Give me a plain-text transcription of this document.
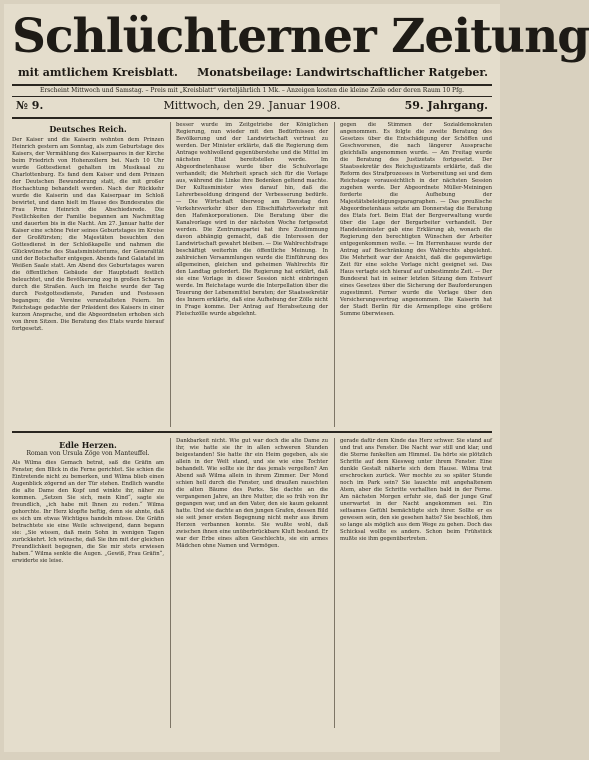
Schlüchterner Zeitung
mit amtlichem Kreisblatt. Monatsbeilage: Landwirtschaftlicher Ratgeber.
Erscheint Mittwoch und Samstag. – Preis mit „Kreisblatt“ vierteljährlich 1 Mk. – Anzeigen kosten die kleine Zeile oder deren Raum 10 Pfg.
№ 9.	Mittwoch, den 29. Januar 1908.	59. Jahrgang.
Deutsches Reich.
Der Kaiser und die Kaiserin wohnten dem Prinzen Heinrich gestern am Sonntag, als zum Geburtstage des Kaisers, der Vermählung des Kaiserpaares in der Kirche beim Friedrich von Hohenzollern bei. Nach 10 Uhr wurde Gottesdienst gehalten im Musiksaal zu Charlottenburg. Es fand dem Kaiser und dem Prinzen der Deutschen Bewunderung statt, die mit großer Hochachtung behandelt werden. Nach der Rückkehr wurde die Kaiserin und das Kaiserpaar im Schloß bewirtet, und dann hielt im Hause des Bundesrates die Frau Prinz Heinrich die Abschiedsrede. Die Festlichkeiten der Familie begannen am Nachmittag und dauerten bis in die Nacht. Am 27. Januar hatte der Kaiser eine schöne Feier seines Geburtstages im Kreise der Großfürsten; die Majestäten besuchten den Gottesdienst in der Schloßkapelle und nahmen die Glückwünsche des Staatsministeriums, der Generalität und der Botschafter entgegen. Abends fand Galatafel im Weißen Saale statt. Am Abend des Geburtstages waren die öffentlichen Gebäude der Hauptstadt festlich beleuchtet, und die Bevölkerung zog in großen Scharen durch die Straßen. Auch im Reiche wurde der Tag durch Festgottesdienste, Paraden und Festessen begangen; die Vereine veranstalteten Feiern. Im Reichstage gedachte der Präsident des Kaisers in einer kurzen Ansprache, und die Abgeordneten erhoben sich von ihren Sitzen. Die Beratung des Etats wurde hierauf fortgesetzt.
besser wurde im Zeitgetriebe der Königlichen Regierung, nun wieder mit den Bedürfnissen der Bevölkerung und der Landwirtschaft vertraut zu werden. Der Minister erklärte, daß die Regierung dem Antrage wohlwollend gegenüberstehe und die Mittel im nächsten Etat bereitstellen werde. Im Abgeordnetenhause wurde über die Schulvorlage verhandelt; die Mehrheit sprach sich für die Vorlage aus, während die Linke ihre Bedenken geltend machte. Der Kultusminister wies darauf hin, daß die Lehrerbesoldung dringend der Verbesserung bedürfe. — Die Wirtschaft überwog am Dienstag den Verkehrsverkehr über den Elbschiffahrtsverkehr mit den Hafenkorporationen. Die Beratung über die Kanalvorlage wird in der nächsten Woche fortgesetzt werden. Die Zentrumspartei hat ihre Zustimmung davon abhängig gemacht, daß die Interessen der Landwirtschaft gewahrt bleiben. — Die Wahlrechtsfrage beschäftigt weiterhin die öffentliche Meinung. In zahlreichen Versammlungen wurde die Einführung des allgemeinen, gleichen und geheimen Wahlrechts für den Landtag gefordert. Die Regierung hat erklärt, daß sie eine Vorlage in dieser Session nicht einbringen werde. Im Reichstage wurde die Interpellation über die Teuerung der Lebensmittel beraten; der Staatssekretär des Innern erklärte, daß eine Aufhebung der Zölle nicht in Frage komme. Der Antrag auf Herabsetzung der Fleischzölle wurde abgelehnt.
gegen die Stimmen der Sozialdemokraten angenommen. Es folgte die zweite Beratung des Gesetzes über die Entschädigung der Schöffen und Geschworenen, die nach längerer Aussprache gleichfalls angenommen wurde. — Am Freitag wurde die Beratung des Justizetats fortgesetzt. Der Staatssekretär des Reichsjustizamts erklärte, daß die Reform des Strafprozesses in Vorbereitung sei und dem Reichstage voraussichtlich in der nächsten Session zugehen werde. Der Abgeordnete Müller-Meiningen forderte die Aufhebung der Majestätsbeleidigungsparagraphen. — Das preußische Abgeordnetenhaus setzte am Donnerstag die Beratung des Etats fort. Beim Etat der Bergverwaltung wurde über die Lage der Bergarbeiter verhandelt. Der Handelsminister gab eine Erklärung ab, wonach die Regierung den berechtigten Wünschen der Arbeiter entgegenkommen wolle. — Im Herrenhause wurde der Antrag auf Beschränkung des Wahlrechts abgelehnt. Die Mehrheit war der Ansicht, daß die gegenwärtige Zeit für eine solche Vorlage nicht geeignet sei. Das Haus vertagte sich hierauf auf unbestimmte Zeit. — Der Bundesrat hat in seiner letzten Sitzung dem Entwurf eines Gesetzes über die Sicherung der Bauforderungen zugestimmt. Ferner wurde die Vorlage über den Versicherungsvertrag angenommen. Die Kaiserin hat der Stadt Berlin für die Armenpflege eine größere Summe überwiesen.
Edle Herzen.
Roman von Ursula Zöge von Manteuffel.
Als Wilma dies Gemach betrat, saß die Gräfin am Fenster, den Blick in die Ferne gerichtet. Sie schien die Eintretende nicht zu bemerken, und Wilma blieb einen Augenblick zögernd an der Tür stehen. Endlich wandte die alte Dame den Kopf und winkte ihr, näher zu kommen. „Setzen Sie sich, mein Kind“, sagte sie freundlich, „ich habe mit Ihnen zu reden.“ Wilma gehorchte. Ihr Herz klopfte heftig, denn sie ahnte, daß es sich um etwas Wichtiges handeln müsse. Die Gräfin betrachtete sie eine Weile schweigend, dann begann sie: „Sie wissen, daß mein Sohn in wenigen Tagen zurückkehrt. Ich wünsche, daß Sie ihm mit der gleichen Freundlichkeit begegnen, die Sie mir stets erwiesen haben.“ Wilma senkte die Augen. „Gewiß, Frau Gräfin“, erwiderte sie leise.
Dankbarkeit nicht. Wie gut war doch die alte Dame zu ihr, wie hatte sie ihr in allen schweren Stunden beigestanden! Sie hatte ihr ein Heim gegeben, als sie allein in der Welt stand, und sie wie eine Tochter behandelt. Wie sollte sie ihr das jemals vergelten? Am Abend saß Wilma allein in ihrem Zimmer. Der Mond schien hell durch die Fenster, und draußen rauschten die alten Bäume des Parks. Sie dachte an die vergangenen Jahre, an ihre Mutter, die so früh von ihr gegangen war, und an den Vater, den sie kaum gekannt hatte. Und sie dachte an den jungen Grafen, dessen Bild sie seit jener ersten Begegnung nicht mehr aus ihrem Herzen verbannen konnte. Sie wußte wohl, daß zwischen ihnen eine unüberbrückbare Kluft bestand. Er war der Erbe eines alten Geschlechts, sie ein armes Mädchen ohne Namen und Vermögen.
gerade dafür dem Kinde das Herz schwer. Sie stand auf und trat ans Fenster. Die Nacht war still und klar, und die Sterne funkelten am Himmel. Da hörte sie plötzlich Schritte auf dem Kiesweg unter ihrem Fenster. Eine dunkle Gestalt näherte sich dem Hause. Wilma trat erschrocken zurück. Wer mochte zu so später Stunde noch im Park sein? Sie lauschte mit angehaltenem Atem, aber die Schritte verhallten bald in der Ferne. Am nächsten Morgen erfuhr sie, daß der junge Graf unerwartet in der Nacht angekommen sei. Ein seltsames Gefühl bemächtigte sich ihrer. Sollte er es gewesen sein, den sie gesehen hatte? Sie beschloß, ihm so lange als möglich aus dem Wege zu gehen. Doch das Schicksal wollte es anders. Schon beim Frühstück mußte sie ihm gegenübertreten.
